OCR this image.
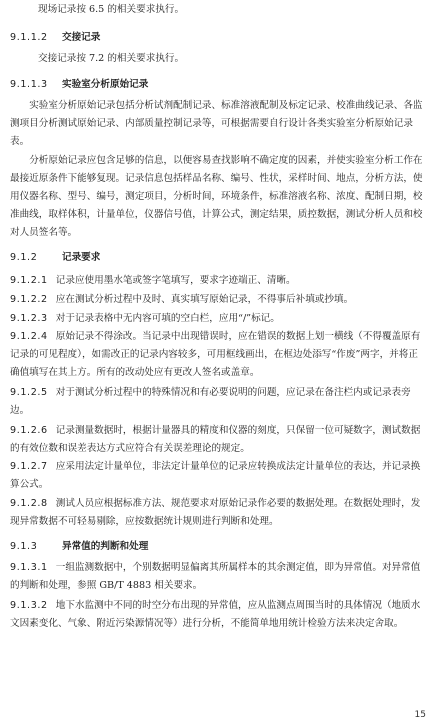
现场记录按 6.5 的相关要求执行。
9.1.1.2 交接记录
交接记录按 7.2 的相关要求执行。
9.1.1.3 实验室分析原始记录
实验室分析原始记录包括分析试剂配制记录、标准溶液配制及标定记录、校准曲线记录、各监测项目分析测试原始记录、内部质量控制记录等，可根据需要自行设计各类实验室分析原始记录表。
分析原始记录应包含足够的信息，以便容易查找影响不确定度的因素，并使实验室分析工作在最接近原条件下能够复现。记录信息包括样品名称、编号、性状，采样时间、地点，分析方法，使用仪器名称、型号、编号，测定项目，分析时间，环境条件，标准溶液名称、浓度、配制日期，校准曲线，取样体积，计量单位，仪器信号值，计算公式，测定结果，质控数据，测试分析人员和校对人员签名等。
9.1.2	记录要求
9.1.2.1 记录应使用墨水笔或签字笔填写，要求字迹端正、清晰。
9.1.2.2 应在测试分析过程中及时、真实填写原始记录，不得事后补填或抄填。
9.1.2.3 对于记录表格中无内容可填的空白栏，应用“/”标记。
9.1.2.4 原始记录不得涂改。当记录中出现错误时，应在错误的数据上划一横线（不得覆盖原有记录的可见程度），如需改正的记录内容较多，可用框线画出，在框边处添写“作废”两字，并将正确值填写在其上方。所有的改动处应有更改人签名或盖章。
9.1.2.5 对于测试分析过程中的特殊情况和有必要说明的问题，应记录在备注栏内或记录表旁边。
9.1.2.6 记录测量数据时，根据计量器具的精度和仪器的刻度，只保留一位可疑数字，测试数据的有效位数和误差表达方式应符合有关误差理论的规定。
9.1.2.7 应采用法定计量单位，非法定计量单位的记录应转换成法定计量单位的表达，并记录换算公式。
9.1.2.8 测试人员应根据标准方法、规范要求对原始记录作必要的数据处理。在数据处理时，发现异常数据不可轻易剔除，应按数据统计规则进行判断和处理。
9.1.3	异常值的判断和处理
9.1.3.1 一组监测数据中，个别数据明显偏离其所属样本的其余测定值，即为异常值。对异常值的判断和处理，参照 GB/T 4883 相关要求。
9.1.3.2 地下水监测中不同的时空分布出现的异常值，应从监测点周围当时的具体情况（地质水文因素变化、气象、附近污染源情况等）进行分析，不能简单地用统计检验方法来决定舍取。
15
